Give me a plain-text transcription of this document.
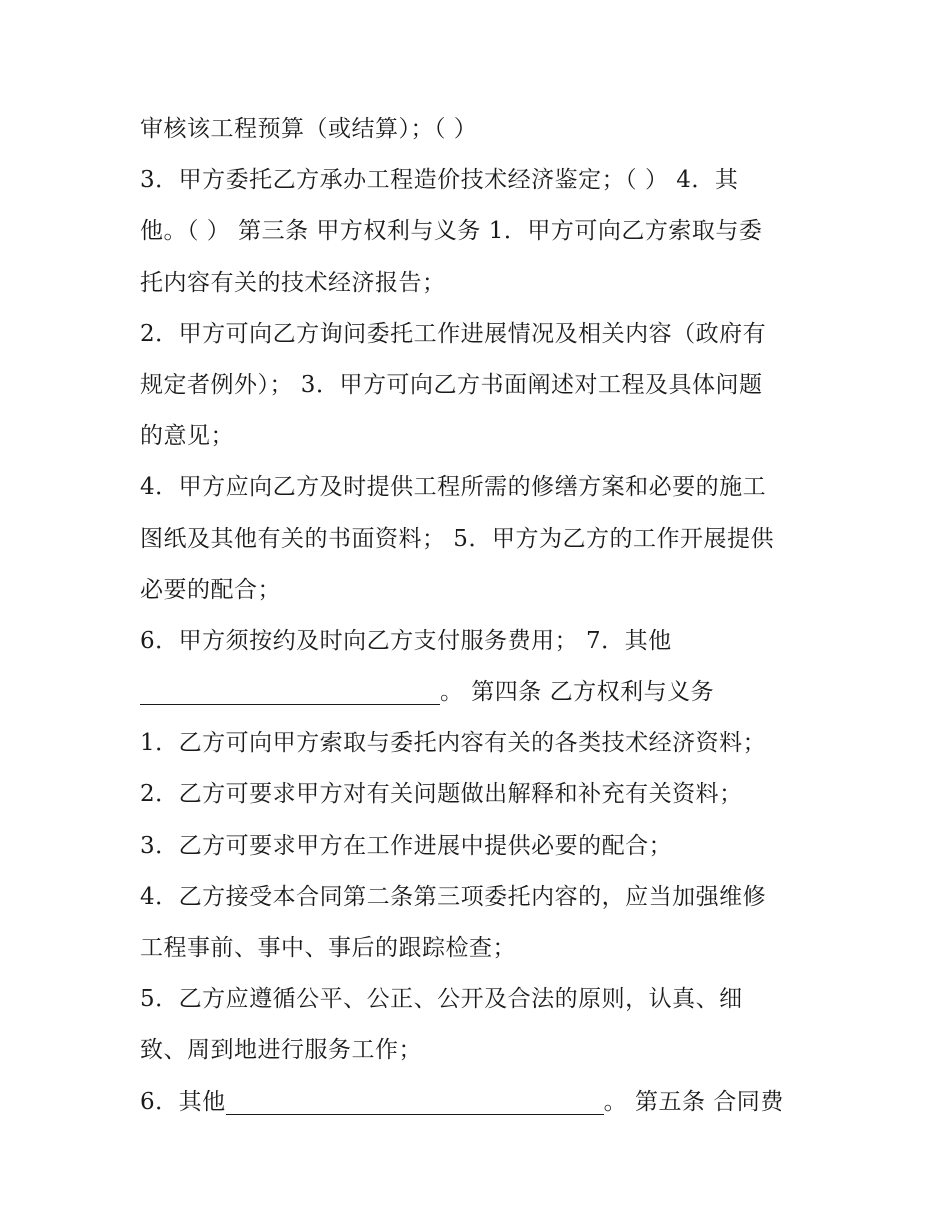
审核该工程预算（或结算）；（ ）
3．甲方委托乙方承办工程造价技术经济鉴定；（ ） 4．其
他。（ ） 第三条 甲方权利与义务 1．甲方可向乙方索取与委
托内容有关的技术经济报告；
2．甲方可向乙方询问委托工作进展情况及相关内容（政府有
规定者例外）； 3．甲方可向乙方书面阐述对工程及具体问题
的意见；
4．甲方应向乙方及时提供工程所需的修缮方案和必要的施工
图纸及其他有关的书面资料； 5．甲方为乙方的工作开展提供
必要的配合；
6．甲方须按约及时向乙方支付服务费用； 7．其他
。 第四条 乙方权利与义务
1．乙方可向甲方索取与委托内容有关的各类技术经济资料；
2．乙方可要求甲方对有关问题做出解释和补充有关资料；
3．乙方可要求甲方在工作进展中提供必要的配合；
4．乙方接受本合同第二条第三项委托内容的，应当加强维修
工程事前、事中、事后的跟踪检查；
5．乙方应遵循公平、公正、公开及合法的原则，认真、细
致、周到地进行服务工作；
6．其他	。 第五条 合同费
